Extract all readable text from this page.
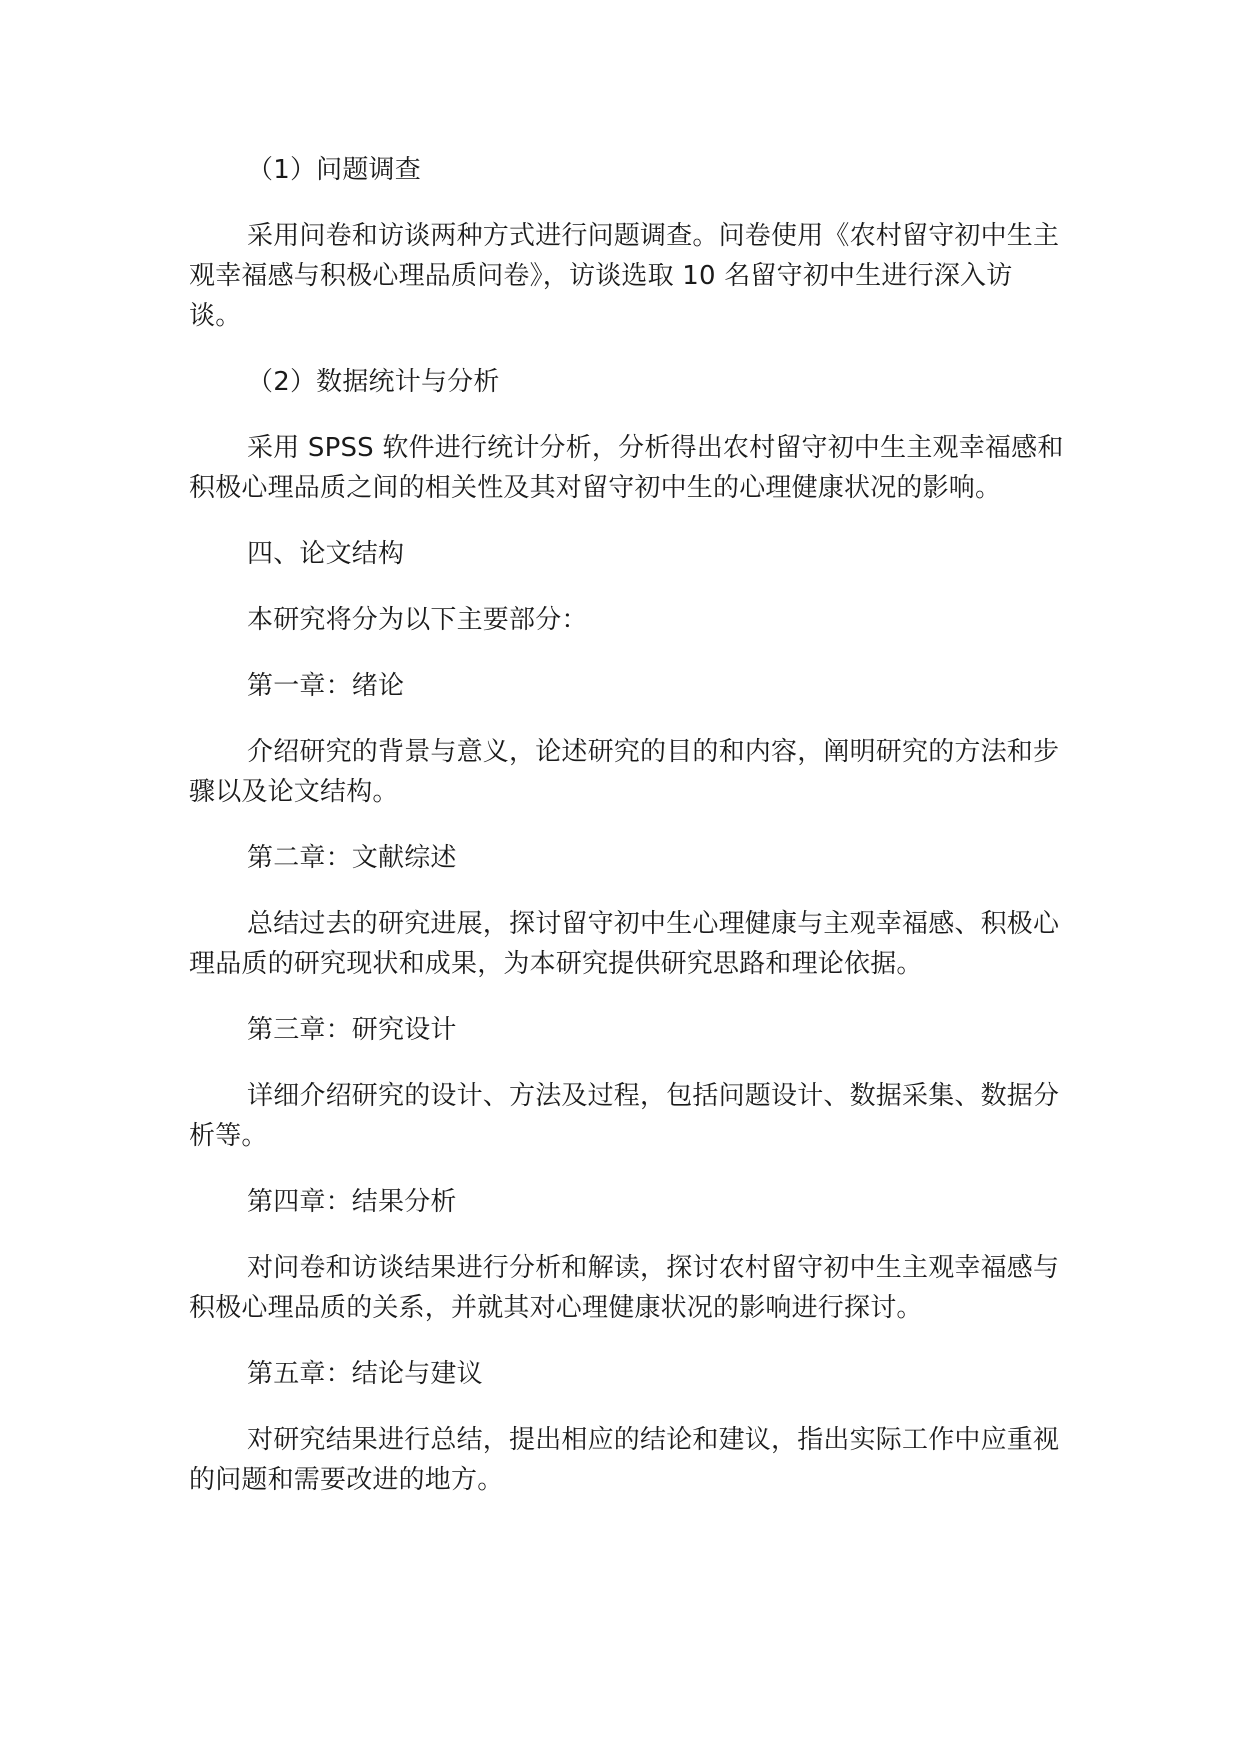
（1）问题调查

采用问卷和访谈两种方式进行问题调查。问卷使用《农村留守初中生主观幸福感与积极心理品质问卷》，访谈选取 10 名留守初中生进行深入访谈。

（2）数据统计与分析

采用 SPSS 软件进行统计分析，分析得出农村留守初中生主观幸福感和积极心理品质之间的相关性及其对留守初中生的心理健康状况的影响。

四、论文结构

本研究将分为以下主要部分：

第一章：绪论

介绍研究的背景与意义，论述研究的目的和内容，阐明研究的方法和步骤以及论文结构。

第二章：文献综述

总结过去的研究进展，探讨留守初中生心理健康与主观幸福感、积极心理品质的研究现状和成果，为本研究提供研究思路和理论依据。

第三章：研究设计

详细介绍研究的设计、方法及过程，包括问题设计、数据采集、数据分析等。

第四章：结果分析

对问卷和访谈结果进行分析和解读，探讨农村留守初中生主观幸福感与积极心理品质的关系，并就其对心理健康状况的影响进行探讨。

第五章：结论与建议

对研究结果进行总结，提出相应的结论和建议，指出实际工作中应重视的问题和需要改进的地方。
